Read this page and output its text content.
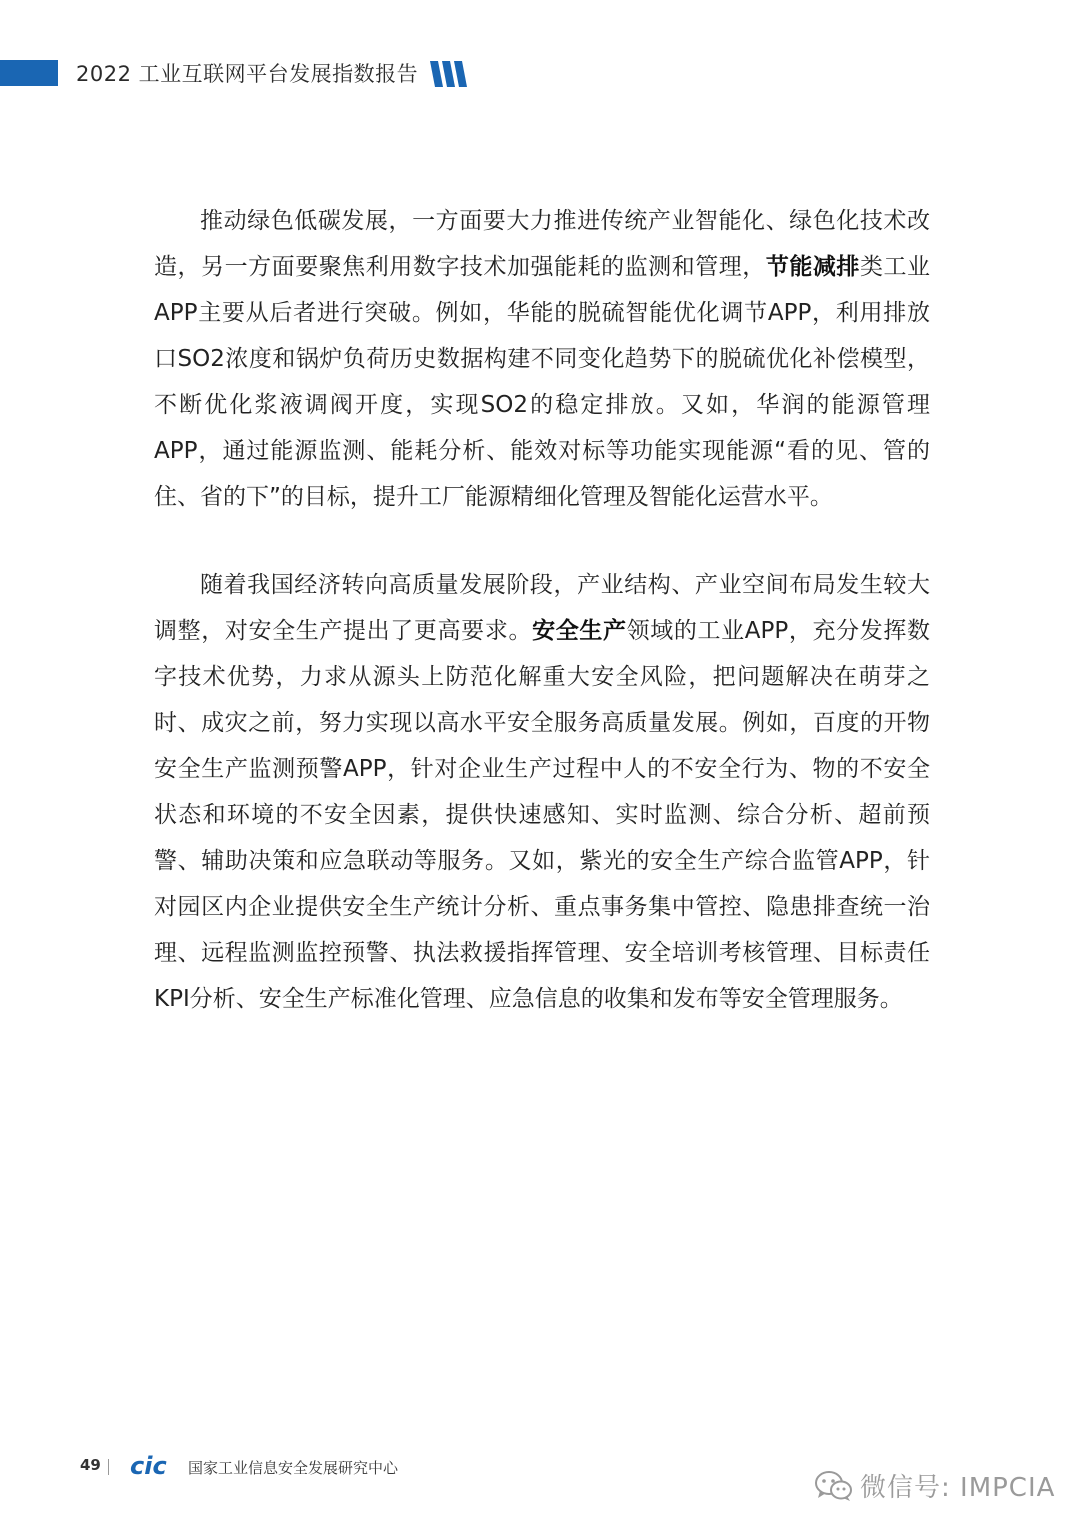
2022 工业互联网平台发展指数报告

推动绿色低碳发展，一方面要大力推进传统产业智能化、绿色化技术改造，另一方面要聚焦利用数字技术加强能耗的监测和管理，节能减排类工业APP主要从后者进行突破。例如，华能的脱硫智能优化调节APP，利用排放口SO2浓度和锅炉负荷历史数据构建不同变化趋势下的脱硫优化补偿模型，不断优化浆液调阀开度，实现SO2的稳定排放。又如，华润的能源管理APP，通过能源监测、能耗分析、能效对标等功能实现能源“看的见、管的住、省的下”的目标，提升工厂能源精细化管理及智能化运营水平。

随着我国经济转向高质量发展阶段，产业结构、产业空间布局发生较大调整，对安全生产提出了更高要求。安全生产领域的工业APP，充分发挥数字技术优势，力求从源头上防范化解重大安全风险，把问题解决在萌芽之时、成灾之前，努力实现以高水平安全服务高质量发展。例如，百度的开物安全生产监测预警APP，针对企业生产过程中人的不安全行为、物的不安全状态和环境的不安全因素，提供快速感知、实时监测、综合分析、超前预警、辅助决策和应急联动等服务。又如，紫光的安全生产综合监管APP，针对园区内企业提供安全生产统计分析、重点事务集中管控、隐患排查统一治理、远程监测监控预警、执法救援指挥管理、安全培训考核管理、目标责任KPI分析、安全生产标准化管理、应急信息的收集和发布等安全管理服务。

49 cic 国家工业信息安全发展研究中心
微信号: IMPCIA
